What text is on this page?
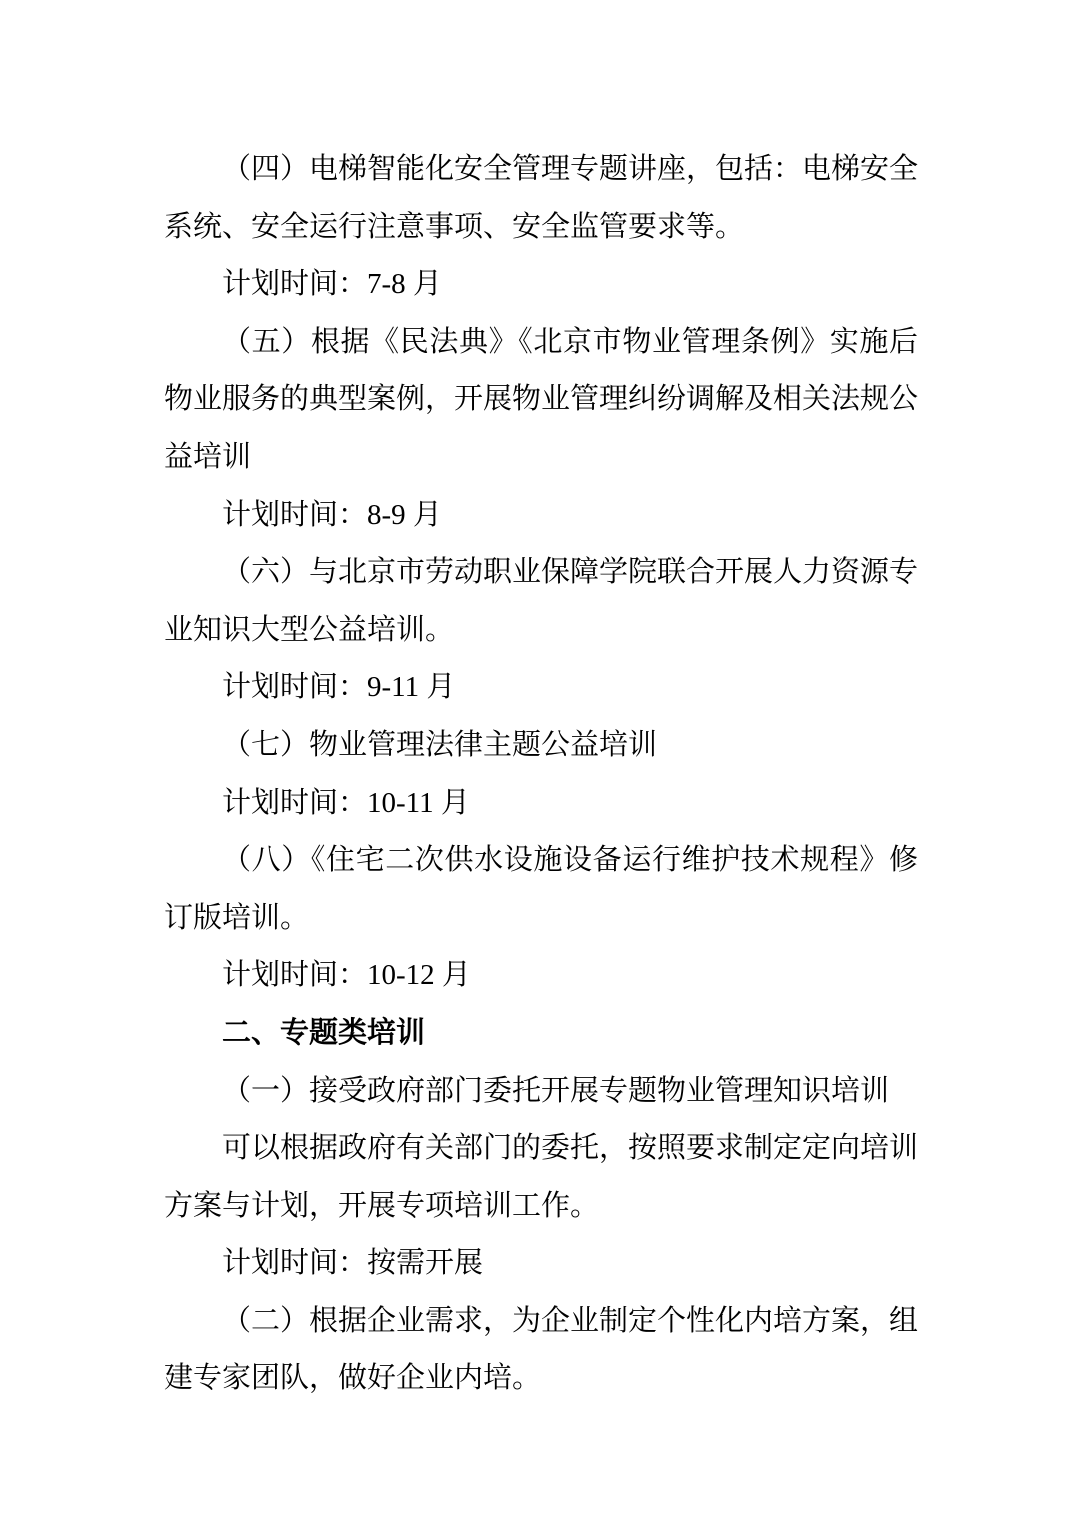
（四）电梯智能化安全管理专题讲座，包括：电梯安全系统、安全运行注意事项、安全监管要求等。

计划时间：7-8 月

（五）根据《民法典》《北京市物业管理条例》实施后物业服务的典型案例，开展物业管理纠纷调解及相关法规公益培训

计划时间：8-9 月

（六）与北京市劳动职业保障学院联合开展人力资源专业知识大型公益培训。

计划时间：9-11 月

（七）物业管理法律主题公益培训

计划时间：10-11 月

（八）《住宅二次供水设施设备运行维护技术规程》修订版培训。

计划时间：10-12 月

二、专题类培训

（一）接受政府部门委托开展专题物业管理知识培训

可以根据政府有关部门的委托，按照要求制定定向培训方案与计划，开展专项培训工作。

计划时间：按需开展

（二）根据企业需求，为企业制定个性化内培方案，组建专家团队，做好企业内培。
